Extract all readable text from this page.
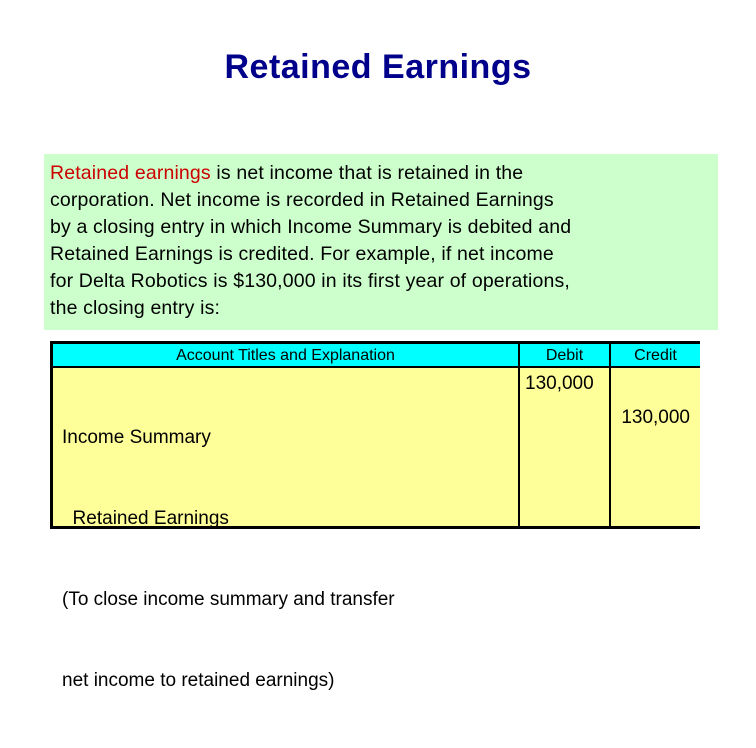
Retained Earnings
Retained earnings is net income that is retained in the
corporation. Net income is recorded in Retained Earnings
by a closing entry in which Income Summary is debited and
Retained Earnings is credited. For example, if net income
for Delta Robotics is $130,000 in its first year of operations,
the closing entry is:
Account Titles and Explanation	Debit	Credit

Income Summary

Retained Earnings

(To close income summary and transfer

net income to retained earnings)

130,000
130,000
